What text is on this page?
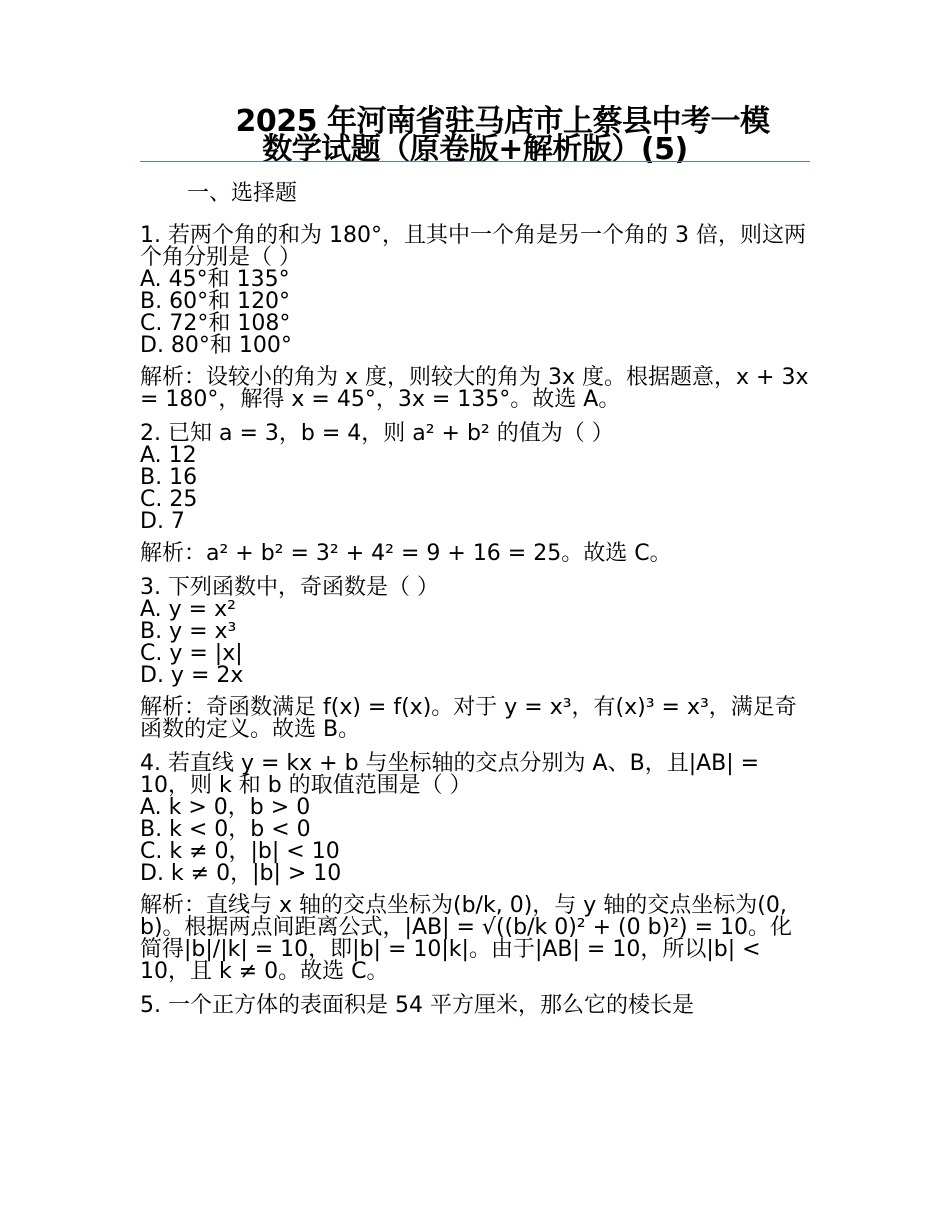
2025 年河南省驻马店市上蔡县中考一模
数学试题（原卷版+解析版）(5)
一、选择题

1. 若两个角的和为 180°，且其中一个角是另一个角的 3 倍，则这两个角分别是（ ）

A. 45°和 135°

B. 60°和 120°

C. 72°和 108°

D. 80°和 100°

解析：设较小的角为 x 度，则较大的角为 3x 度。根据题意，x + 3x = 180°，解得 x = 45°，3x = 135°。故选 A。

2. 已知 a = 3，b = 4，则 a² + b² 的值为（ ）

A. 12

B. 16

C. 25

D. 7

解析：a² + b² = 3² + 4² = 9 + 16 = 25。故选 C。

3. 下列函数中，奇函数是（ ）

A. y = x²

B. y = x³

C. y = |x|

D. y = 2x

解析：奇函数满足 f(x) = f(x)。对于 y = x³，有(x)³ = x³，满足奇函数的定义。故选 B。

4. 若直线 y = kx + b 与坐标轴的交点分别为 A、B，且|AB| = 10，则 k 和 b 的取值范围是（ ）

A. k > 0，b > 0

B. k < 0，b < 0

C. k ≠ 0，|b| < 10

D. k ≠ 0，|b| > 10

解析：直线与 x 轴的交点坐标为(b/k, 0)，与 y 轴的交点坐标为(0, b)。根据两点间距离公式，|AB| = √((b/k 0)² + (0 b)²) = 10。化简得|b|/|k| = 10，即|b| = 10|k|。由于|AB| = 10，所以|b| < 10，且 k ≠ 0。故选 C。

5. 一个正方体的表面积是 54 平方厘米，那么它的棱长是
